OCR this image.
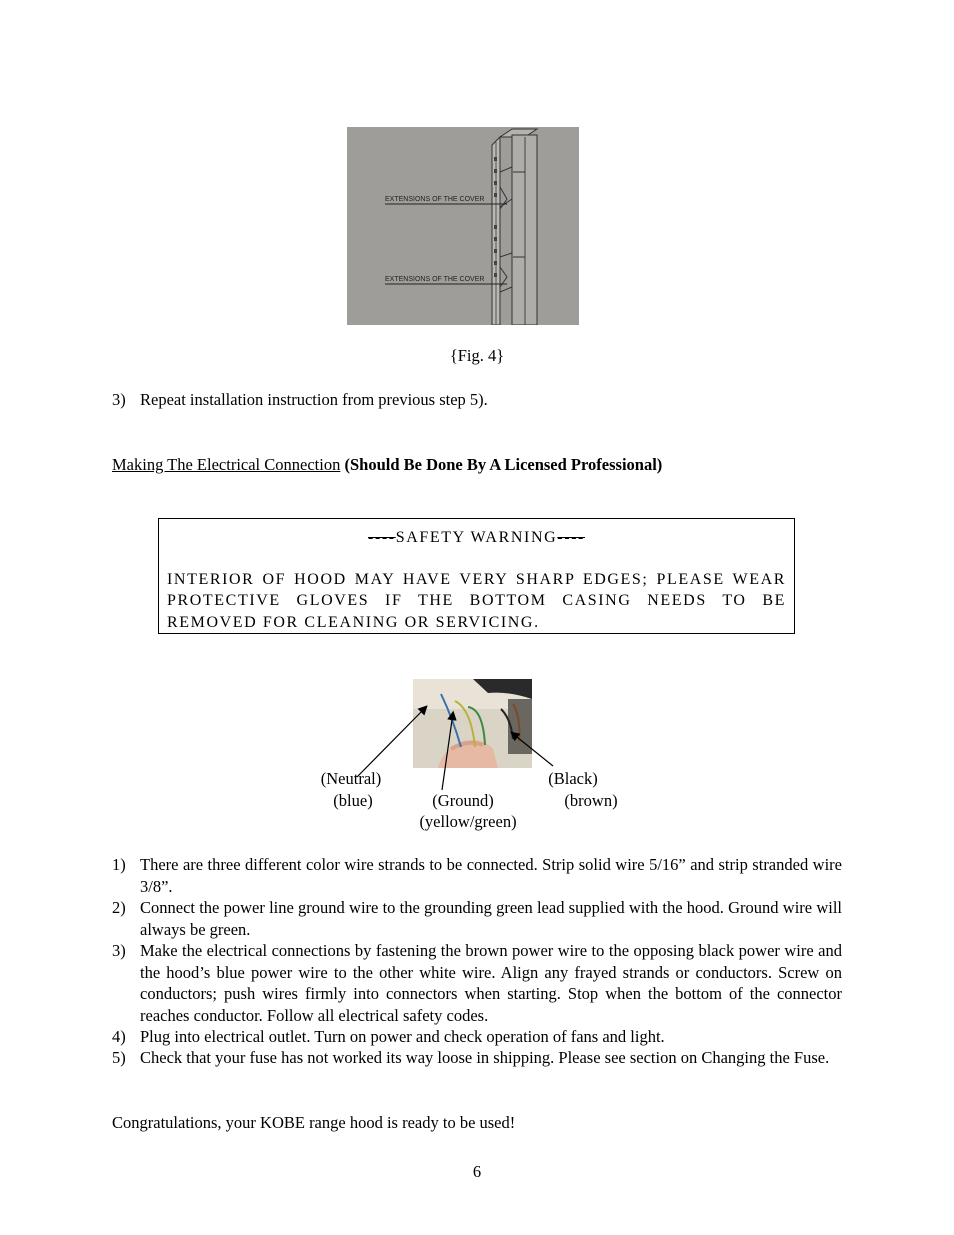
EXTENSIONS OF THE COVER
EXTENSIONS OF THE COVER
{Fig. 4}
3) Repeat installation instruction from previous step 5).
Making The Electrical Connection (Should Be Done By A Licensed Professional)
----SAFETY WARNING----
INTERIOR OF HOOD MAY HAVE VERY SHARP EDGES; PLEASE WEAR PROTECTIVE GLOVES IF THE BOTTOM CASING NEEDS TO BE REMOVED FOR CLEANING OR SERVICING.
(Neutral)
(blue)	(Ground)
(yellow/green)
(Black)
(brown)
1) There are three different color wire strands to be connected. Strip solid wire 5/16” and strip stranded wire 3/8”.
2) Connect the power line ground wire to the grounding green lead supplied with the hood. Ground wire will always be green.
3) Make the electrical connections by fastening the brown power wire to the opposing black power wire and the hood’s blue power wire to the other white wire. Align any frayed strands or conductors. Screw on conductors; push wires firmly into connectors when starting. Stop when the bottom of the connector reaches conductor. Follow all electrical safety codes.
4) Plug into electrical outlet. Turn on power and check operation of fans and light.
5) Check that your fuse has not worked its way loose in shipping. Please see section on Changing the Fuse.
Congratulations, your KOBE range hood is ready to be used!
6
